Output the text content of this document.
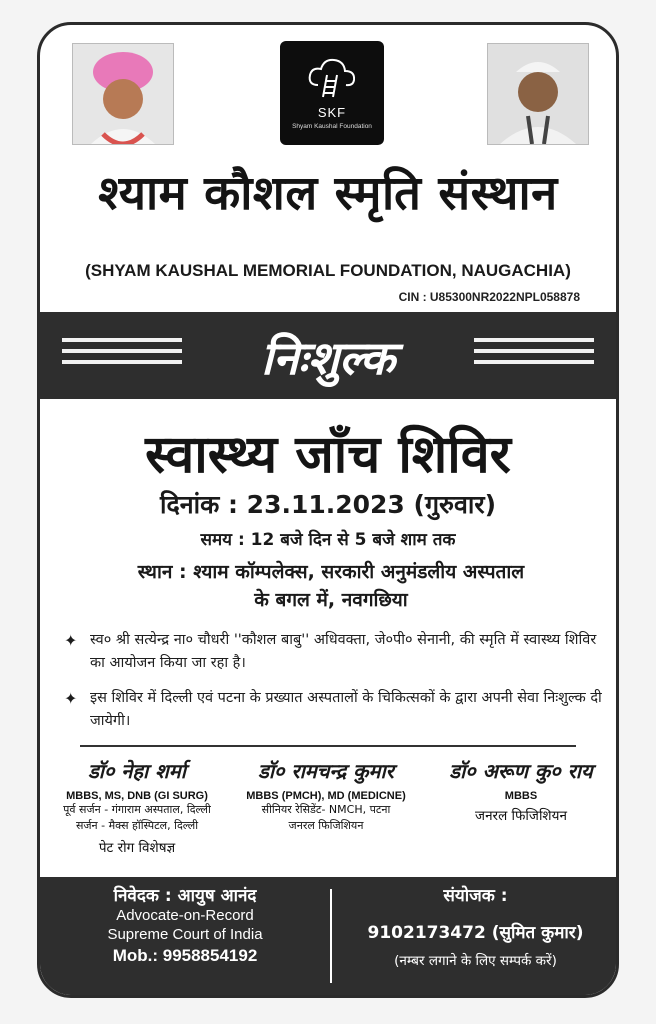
SKF
Shyam Kaushal Foundation
श्याम कौशल स्मृति संस्थान
(SHYAM KAUSHAL MEMORIAL FOUNDATION, NAUGACHIA)
CIN : U85300NR2022NPL058878
निःशुल्क
स्वास्थ्य जाँच शिविर
दिनांक : 23.11.2023 (गुरुवार)
समय : 12 बजे दिन से 5 बजे शाम तक
स्थान : श्याम कॉम्पलेक्स, सरकारी अनुमंडलीय अस्पताल
के बगल में, नवगछिया
✦ स्व० श्री सत्येन्द्र ना० चौधरी ''कौशल बाबु'' अधिवक्ता, जे०पी० सेनानी, की स्मृति में स्वास्थ्य शिविर का आयोजन किया जा रहा है।
✦ इस शिविर में दिल्ली एवं पटना के प्रख्यात अस्पतालों के चिकित्सकों के द्वारा अपनी सेवा निःशुल्क दी जायेगी।
डॉ० नेहा शर्मा
MBBS, MS, DNB (GI SURG)
पूर्व सर्जन - गंगाराम अस्पताल, दिल्ली
सर्जन - मैक्स हॉस्पिटल, दिल्ली
पेट रोग विशेषज्ञ
डॉ० रामचन्द्र कुमार
MBBS (PMCH), MD (MEDICNE)
सीनियर रेसिडेंट- NMCH, पटना
जनरल फिजिशियन
डॉ० अरूण कु० राय
MBBS
जनरल फिजिशियन
निवेदक : आयुष आनंद
Advocate-on-Record
Supreme Court of India
Mob.: 9958854192
संयोजक :
9102173472 (सुमित कुमार)
(नम्बर लगाने के लिए सम्पर्क करें)
